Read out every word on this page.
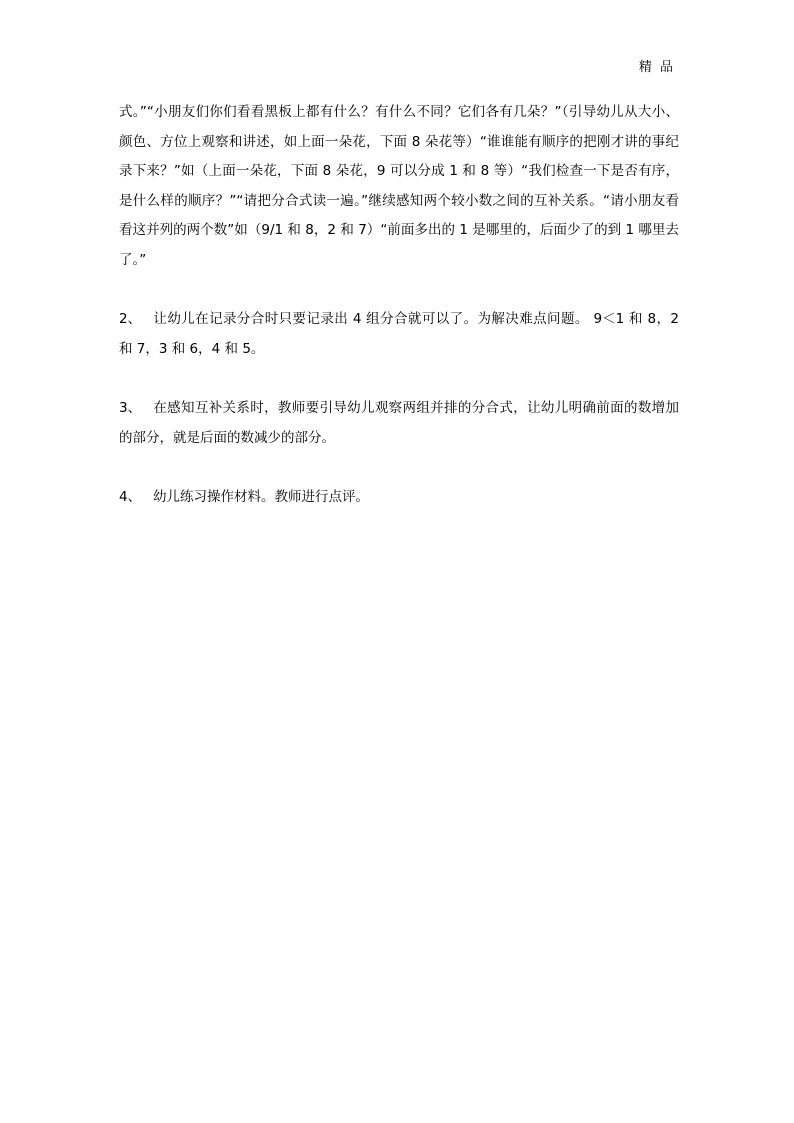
精 品

式。”“小朋友们你们看看黑板上都有什么？有什么不同？它们各有几朵？”（引导幼儿从大小、颜色、方位上观察和讲述，如上面一朵花，下面 8 朵花等）“谁谁能有顺序的把刚才讲的事纪录下来？”如（上面一朵花，下面 8 朵花，9 可以分成 1 和 8 等）“我们检查一下是否有序，是什么样的顺序？”“请把分合式读一遍。”继续感知两个较小数之间的互补关系。“请小朋友看看这并列的两个数”如（9/1 和 8，2 和 7）“前面多出的 1 是哪里的，后面少了的到 1 哪里去了。”

2、 让幼儿在记录分合时只要记录出 4 组分合就可以了。为解决难点问题。 9＜1 和 8，2 和 7，3 和 6，4 和 5。

3、 在感知互补关系时，教师要引导幼儿观察两组并排的分合式，让幼儿明确前面的数增加的部分，就是后面的数减少的部分。

4、 幼儿练习操作材料。教师进行点评。
